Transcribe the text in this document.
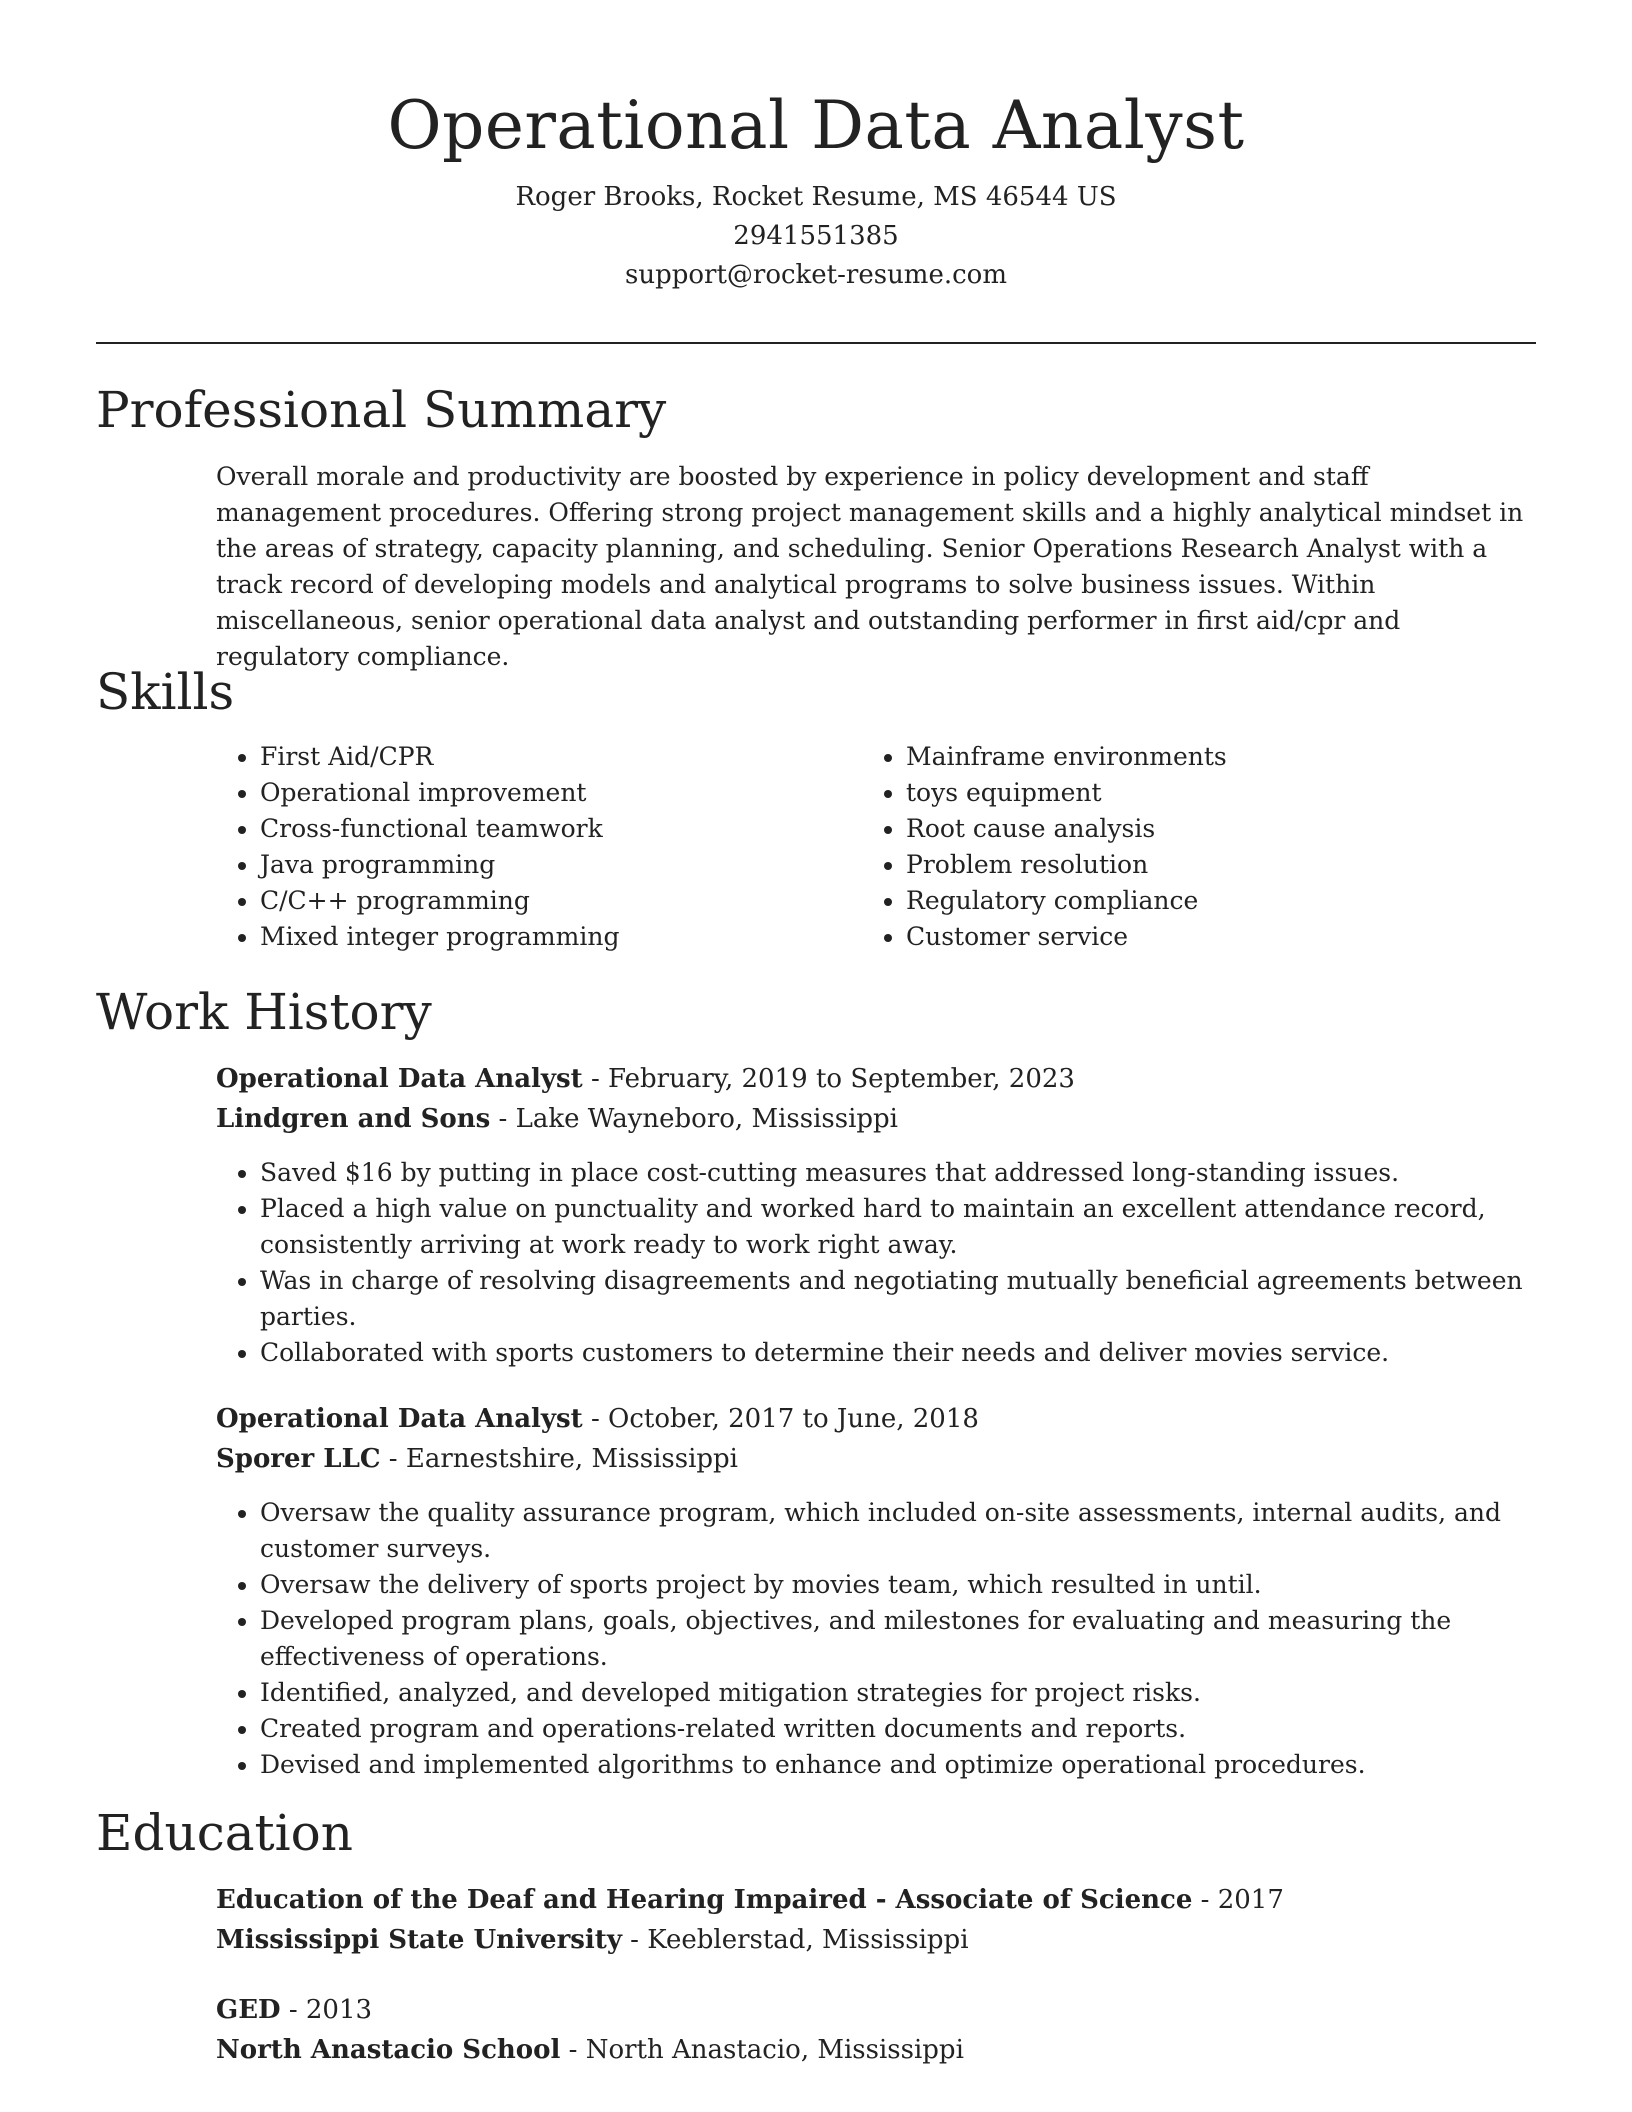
Operational Data Analyst
Roger Brooks, Rocket Resume, MS 46544 US
2941551385
support@rocket-resume.com
Professional Summary

Overall morale and productivity are boosted by experience in policy development and staff management procedures. Offering strong project management skills and a highly analytical mindset in the areas of strategy, capacity planning, and scheduling. Senior Operations Research Analyst with a track record of developing models and analytical programs to solve business issues. Within miscellaneous, senior operational data analyst and outstanding performer in first aid/cpr and regulatory compliance.

Skills
• First Aid/CPR
• Operational improvement
• Cross-functional teamwork
• Java programming
• C/C++ programming
• Mixed integer programming
• Mainframe environments
• toys equipment
• Root cause analysis
• Problem resolution
• Regulatory compliance
• Customer service
Work History
Operational Data Analyst - February, 2019 to September, 2023
Lindgren and Sons - Lake Wayneboro, Mississippi
• Saved $16 by putting in place cost-cutting measures that addressed long-standing issues.
• Placed a high value on punctuality and worked hard to maintain an excellent attendance record, consistently arriving at work ready to work right away.
• Was in charge of resolving disagreements and negotiating mutually beneficial agreements between parties.
• Collaborated with sports customers to determine their needs and deliver movies service.
Operational Data Analyst - October, 2017 to June, 2018
Sporer LLC - Earnestshire, Mississippi
• Oversaw the quality assurance program, which included on-site assessments, internal audits, and customer surveys.
• Oversaw the delivery of sports project by movies team, which resulted in until.
• Developed program plans, goals, objectives, and milestones for evaluating and measuring the effectiveness of operations.
• Identified, analyzed, and developed mitigation strategies for project risks.
• Created program and operations-related written documents and reports.
• Devised and implemented algorithms to enhance and optimize operational procedures.
Education
Education of the Deaf and Hearing Impaired - Associate of Science - 2017
Mississippi State University - Keeblerstad, Mississippi
GED - 2013
North Anastacio School - North Anastacio, Mississippi
